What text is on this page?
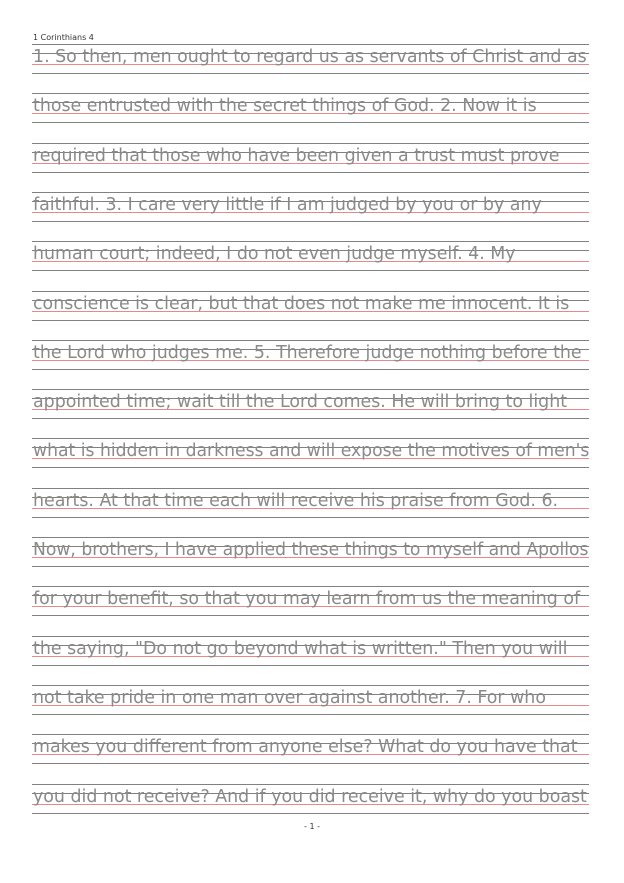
1 Corinthians 4
1. So then, men ought to regard us as servants of Christ and as
those entrusted with the secret things of God. 2. Now it is
required that those who have been given a trust must prove
faithful. 3. I care very little if I am judged by you or by any
human court; indeed, I do not even judge myself. 4. My
conscience is clear, but that does not make me innocent. It is
the Lord who judges me. 5. Therefore judge nothing before the
appointed time; wait till the Lord comes. He will bring to light
what is hidden in darkness and will expose the motives of men's
hearts. At that time each will receive his praise from God. 6.
Now, brothers, I have applied these things to myself and Apollos
for your benefit, so that you may learn from us the meaning of
the saying, "Do not go beyond what is written." Then you will
not take pride in one man over against another. 7. For who
makes you different from anyone else? What do you have that
you did not receive? And if you did receive it, why do you boast
- 1 -
